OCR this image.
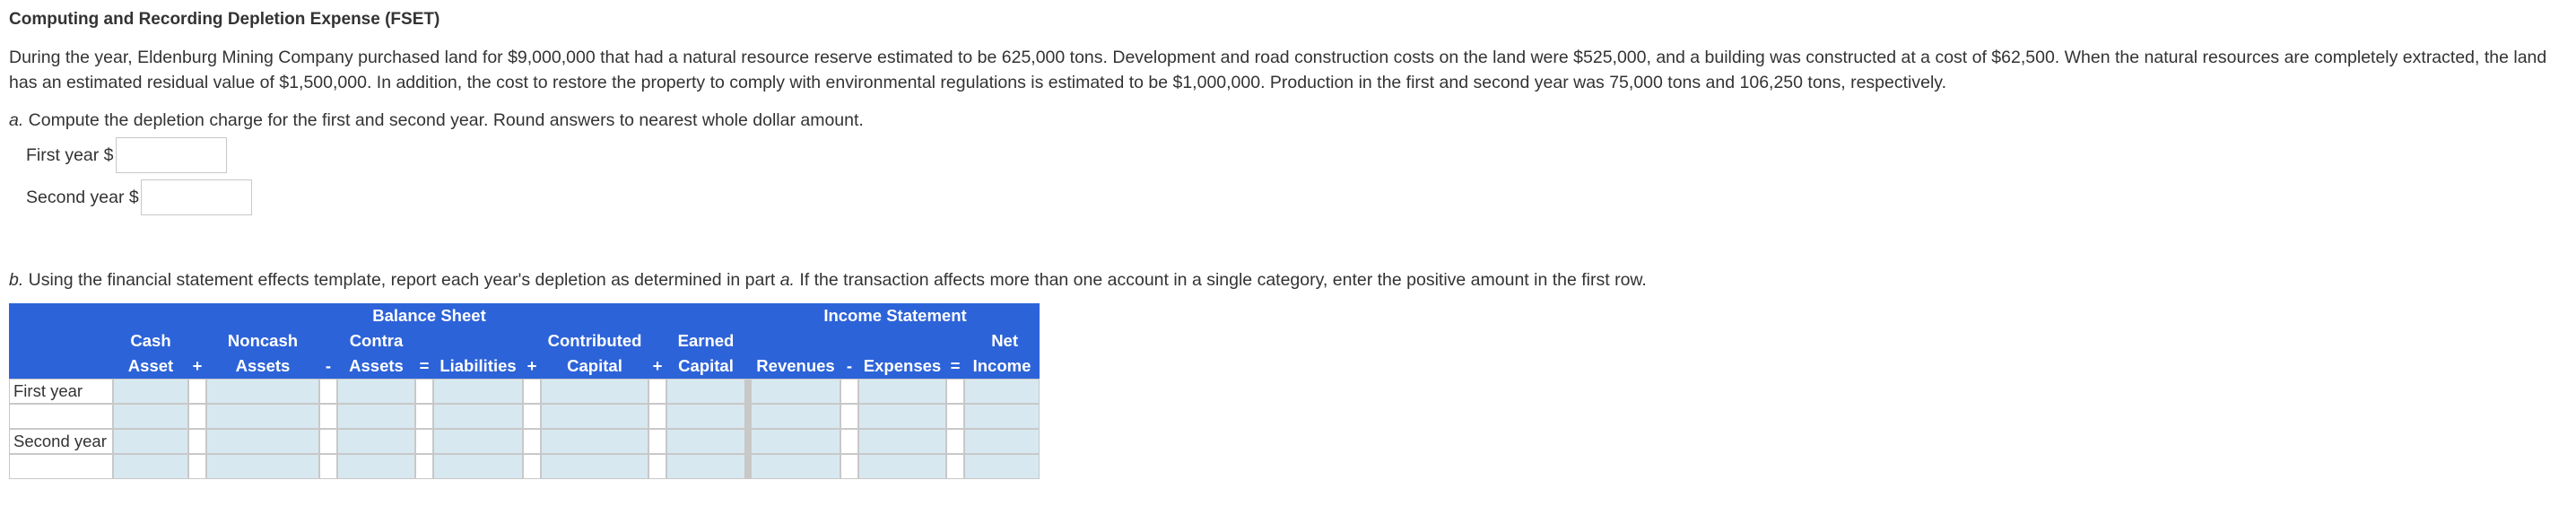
Computing and Recording Depletion Expense (FSET)
During the year, Eldenburg Mining Company purchased land for $9,000,000 that had a natural resource reserve estimated to be 625,000 tons. Development and road construction costs on the land were $525,000, and a building was constructed at a cost of $62,500. When the natural resources are completely extracted, the land has an estimated residual value of $1,500,000. In addition, the cost to restore the property to comply with environmental regulations is estimated to be $1,000,000. Production in the first and second year was 75,000 tons and 106,250 tons, respectively.
a. Compute the depletion charge for the first and second year. Round answers to nearest whole dollar amount.
First year $
Second year $
b. Using the financial statement effects template, report each year's depletion as determined in part a. If the transaction affects more than one account in a single category, enter the positive amount in the first row.
	Balance Sheet												Income Statement				
	Cash		Noncash		Contra				Contributed		Earned						Net
	Asset	+	Assets	-	Assets	=	Liabilities	+	Capital	+	Capital		Revenues	-	Expenses	=	Income
First year																	

Second year																	
